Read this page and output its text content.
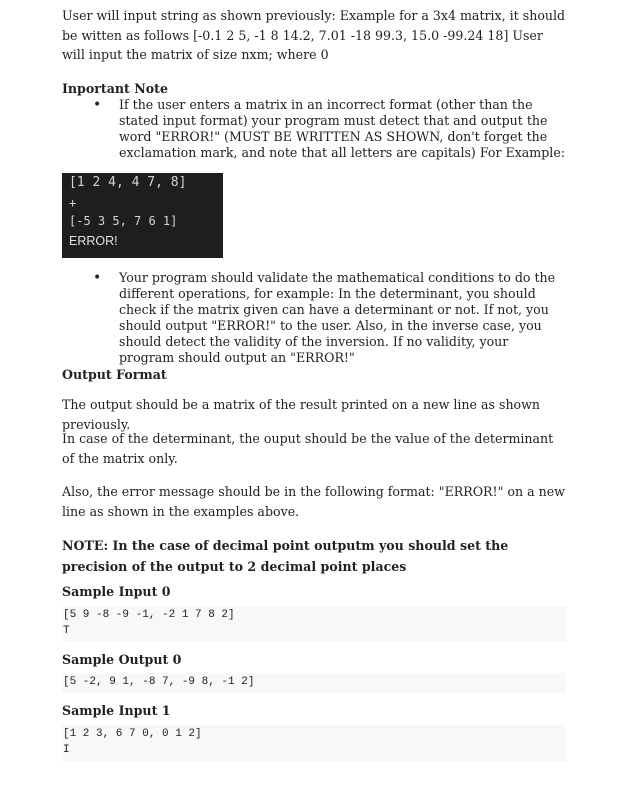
User will input string as shown previously: Example for a 3x4 matrix, it should be witten as follows [-0.1 2 5, -1 8 14.2, 7.01 -18 99.3, 15.0 -99.24 18] User will input the matrix of size nxm; where 0

Inportant Note

• If the user enters a matrix in an incorrect format (other than the stated input format) your program must detect that and output the word "ERROR!" (MUST BE WRITTEN AS SHOWN, don't forget the exclamation mark, and note that all letters are capitals) For Example:
[1 2 4, 4 7, 8]
+
[-5 3 5, 7 6 1]
ERROR!
• Your program should validate the mathematical conditions to do the different operations, for example: In the determinant, you should check if the matrix given can have a determinant or not. If not, you should output "ERROR!" to the user. Also, in the inverse case, you should detect the validity of the inversion. If no validity, your program should output an "ERROR!"

Output Format

The output should be a matrix of the result printed on a new line as shown previously.

In case of the determinant, the ouput should be the value of the determinant of the matrix only.

Also, the error message should be in the following format: "ERROR!" on a new line as shown in the examples above.

NOTE: In the case of decimal point outputm you should set the precision of the output to 2 decimal point places

Sample Input 0

[5 9 -8 -9 -1, -2 1 7 8 2]
T

Sample Output 0

[5 -2, 9 1, -8 7, -9 8, -1 2]

Sample Input 1

[1 2 3, 6 7 0, 0 1 2]
I
